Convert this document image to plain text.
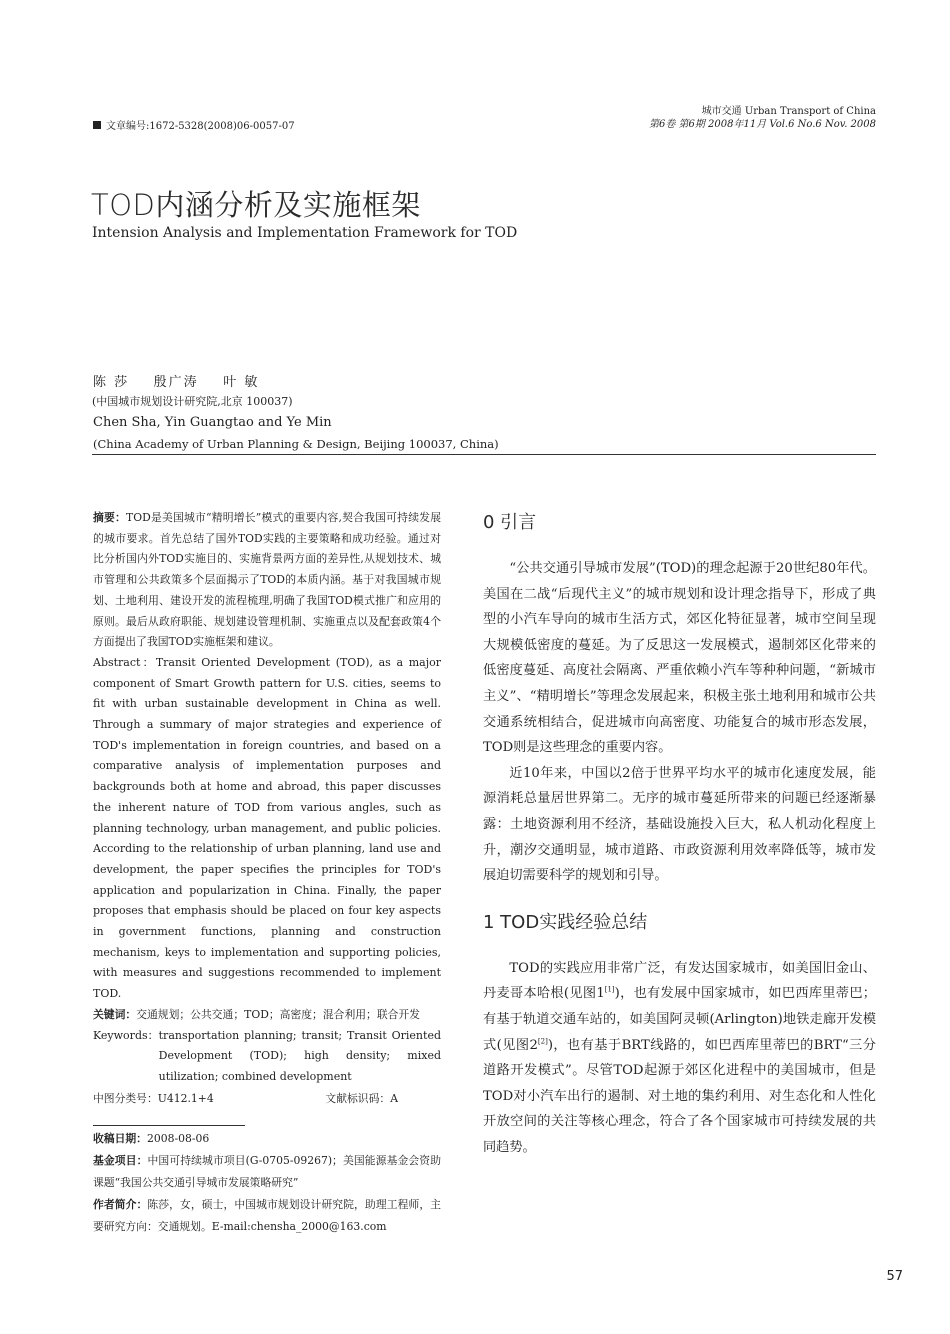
文章编号:1672-5328(2008)06-0057-07
城市交通 Urban Transport of China
第6卷 第6期 2008年11月 Vol.6 No.6 Nov. 2008
TOD内涵分析及实施框架
Intension Analysis and Implementation Framework for TOD
陈 莎    殷广涛    叶 敏
(中国城市规划设计研究院,北京 100037)
Chen Sha, Yin Guangtao and Ye Min
(China Academy of Urban Planning & Design, Beijing 100037, China)

摘要：TOD是美国城市“精明增长”模式的重要内容,契合我国可持续发展的城市要求。首先总结了国外TOD实践的主要策略和成功经验。通过对比分析国内外TOD实施目的、实施背景两方面的差异性,从规划技术、城市管理和公共政策多个层面揭示了TOD的本质内涵。基于对我国城市规划、土地利用、建设开发的流程梳理,明确了我国TOD模式推广和应用的原则。最后从政府职能、规划建设管理机制、实施重点以及配套政策4个方面提出了我国TOD实施框架和建议。

Abstract：Transit Oriented Development (TOD), as a major component of Smart Growth pattern for U.S. cities, seems to fit with urban sustainable development in China as well. Through a summary of major strategies and experience of TOD's implementation in foreign countries, and based on a comparative analysis of implementation purposes and backgrounds both at home and abroad, this paper discusses the inherent nature of TOD from various angles, such as planning technology, urban management, and public policies. According to the relationship of urban planning, land use and development, the paper specifies the principles for TOD's application and popularization in China. Finally, the paper proposes that emphasis should be placed on four key aspects in government functions, planning and construction mechanism, keys to implementation and supporting policies, with measures and suggestions recommended to implement TOD.

关键词： 交通规划；公共交通；TOD；高密度；混合利用；联合开发
Keywords： transportation planning; transit; Transit Oriented Development (TOD); high density; mixed utilization; combined development
中图分类号：U412.1+4	文献标识码：A

收稿日期：2008-08-06

基金项目：中国可持续城市项目(G-0705-09267)；美国能源基金会资助课题“我国公共交通引导城市发展策略研究”

作者简介：陈莎，女，硕士，中国城市规划设计研究院，助理工程师，主要研究方向：交通规划。E-mail:chensha_2000@163.com

0 引言

“公共交通引导城市发展”(TOD)的理念起源于20世纪80年代。美国在二战“后现代主义”的城市规划和设计理念指导下，形成了典型的小汽车导向的城市生活方式，郊区化特征显著，城市空间呈现大规模低密度的蔓延。为了反思这一发展模式，遏制郊区化带来的低密度蔓延、高度社会隔离、严重依赖小汽车等种种问题，“新城市主义”、“精明增长”等理念发展起来，积极主张土地利用和城市公共交通系统相结合，促进城市向高密度、功能复合的城市形态发展，TOD则是这些理念的重要内容。

近10年来，中国以2倍于世界平均水平的城市化速度发展，能源消耗总量居世界第二。无序的城市蔓延所带来的问题已经逐渐暴露：土地资源利用不经济，基础设施投入巨大，私人机动化程度上升，潮汐交通明显，城市道路、市政资源利用效率降低等，城市发展迫切需要科学的规划和引导。

1 TOD实践经验总结

TOD的实践应用非常广泛，有发达国家城市，如美国旧金山、丹麦哥本哈根(见图1[1])，也有发展中国家城市，如巴西库里蒂巴；有基于轨道交通车站的，如美国阿灵顿(Arlington)地铁走廊开发模式(见图2[2])，也有基于BRT线路的，如巴西库里蒂巴的BRT“三分道路开发模式”。尽管TOD起源于郊区化进程中的美国城市，但是TOD对小汽车出行的遏制、对土地的集约利用、对生态化和人性化开放空间的关注等核心理念，符合了各个国家城市可持续发展的共同趋势。

57
